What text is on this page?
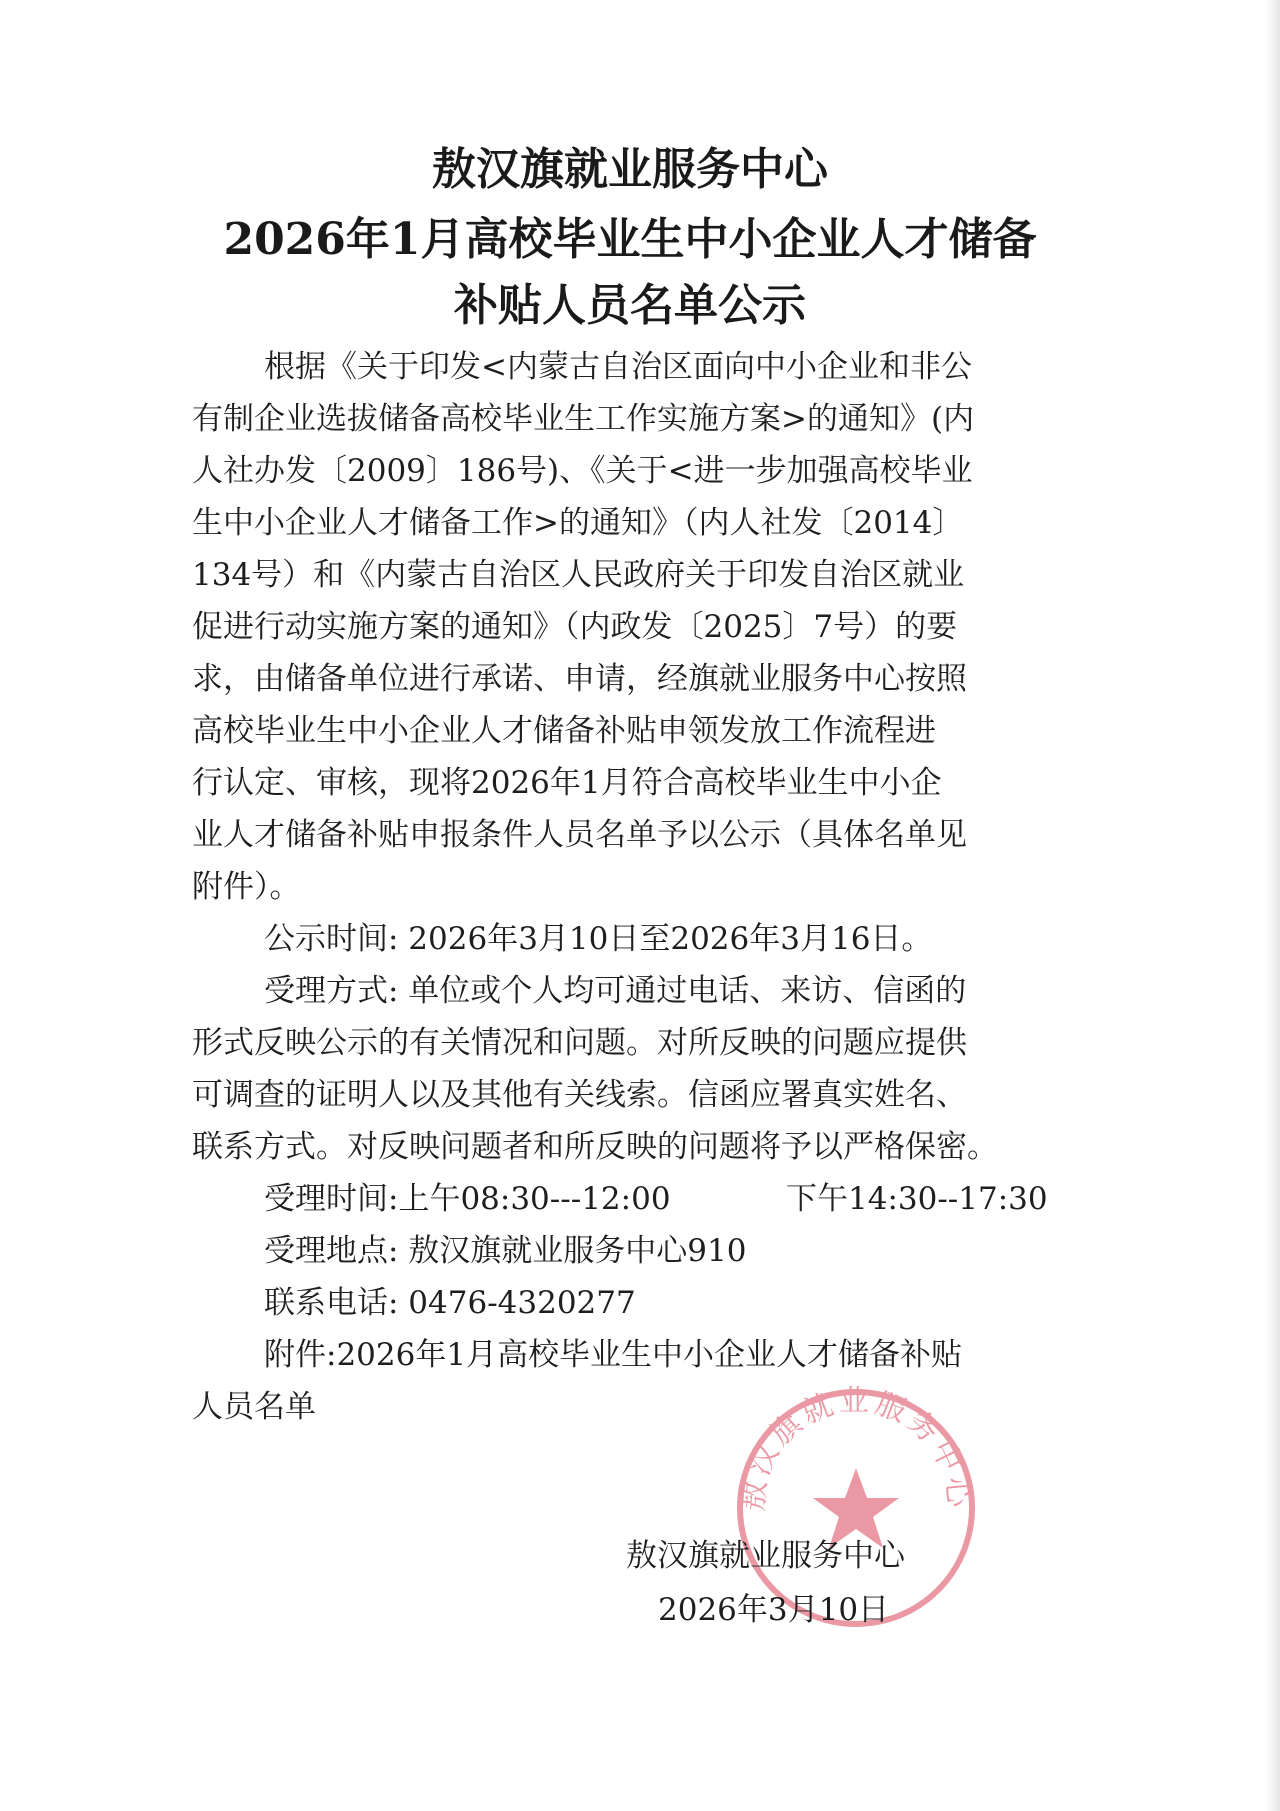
敖汉旗就业服务中心
2026年1月高校毕业生中小企业人才储备
补贴人员名单公示
根据《关于印发<内蒙古自治区面向中小企业和非公
有制企业选拔储备高校毕业生工作实施方案>的通知》(内
人社办发〔2009〕186号)、《关于<进一步加强高校毕业
生中小企业人才储备工作>的通知》（内人社发〔2014〕
134号）和《内蒙古自治区人民政府关于印发自治区就业
促进行动实施方案的通知》（内政发〔2025〕7号）的要
求，由储备单位进行承诺、申请，经旗就业服务中心按照
高校毕业生中小企业人才储备补贴申领发放工作流程进
行认定、审核，现将2026年1月符合高校毕业生中小企
业人才储备补贴申报条件人员名单予以公示（具体名单见
附件）。
公示时间: 2026年3月10日至2026年3月16日。
受理方式: 单位或个人均可通过电话、来访、信函的
形式反映公示的有关情况和问题。对所反映的问题应提供
可调查的证明人以及其他有关线索。信函应署真实姓名、
联系方式。对反映问题者和所反映的问题将予以严格保密。
受理时间:上午08:30---12:00	下午14:30--17:30
受理地点: 敖汉旗就业服务中心910
联系电话: 0476-4320277
附件:2026年1月高校毕业生中小企业人才储备补贴
人员名单
敖汉旗就业服务中心
敖汉旗就业服务中心
2026年3月10日
